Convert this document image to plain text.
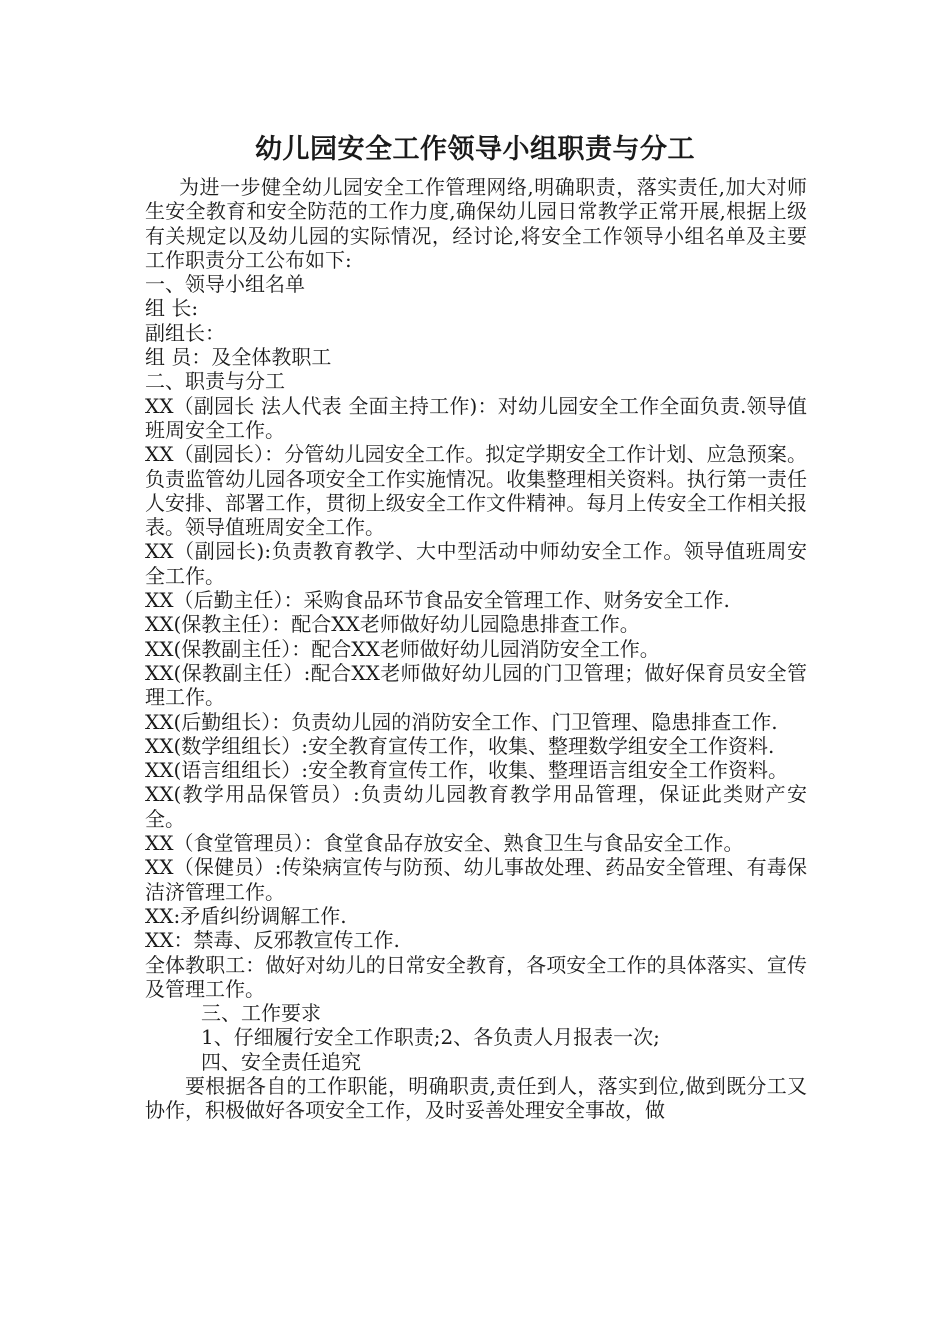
幼儿园安全工作领导小组职责与分工

为进一步健全幼儿园安全工作管理网络,明确职责，落实责任,加大对师生安全教育和安全防范的工作力度,确保幼儿园日常教学正常开展,根据上级有关规定以及幼儿园的实际情况，经讨论,将安全工作领导小组名单及主要工作职责分工公布如下:

一、领导小组名单

组 长:

副组长：

组 员：及全体教职工

二、职责与分工

XX（副园长 法人代表 全面主持工作)：对幼儿园安全工作全面负责.领导值班周安全工作。

XX（副园长）：分管幼儿园安全工作。拟定学期安全工作计划、应急预案。负责监管幼儿园各项安全工作实施情况。收集整理相关资料。执行第一责任人安排、部署工作，贯彻上级安全工作文件精神。每月上传安全工作相关报表。领导值班周安全工作。

XX（副园长):负责教育教学、大中型活动中师幼安全工作。领导值班周安全工作。

XX（后勤主任）：采购食品环节食品安全管理工作、财务安全工作.

XX(保教主任）：配合XX老师做好幼儿园隐患排查工作。

XX(保教副主任）：配合XX老师做好幼儿园消防安全工作。

XX(保教副主任）:配合XX老师做好幼儿园的门卫管理；做好保育员安全管理工作。

XX(后勤组长）：负责幼儿园的消防安全工作、门卫管理、隐患排查工作.

XX(数学组组长）:安全教育宣传工作，收集、整理数学组安全工作资料.

XX(语言组组长）:安全教育宣传工作，收集、整理语言组安全工作资料。

XX(教学用品保管员）:负责幼儿园教育教学用品管理，保证此类财产安全。

XX（食堂管理员）：食堂食品存放安全、熟食卫生与食品安全工作。

XX（保健员）:传染病宣传与防预、幼儿事故处理、药品安全管理、有毒保洁济管理工作。

XX:矛盾纠纷调解工作.

XX：禁毒、反邪教宣传工作.

全体教职工：做好对幼儿的日常安全教育，各项安全工作的具体落实、宣传及管理工作。

三、工作要求

1、仔细履行安全工作职责;2、各负责人月报表一次;

四、安全责任追究

要根据各自的工作职能，明确职责,责任到人，落实到位,做到既分工又协作，积极做好各项安全工作，及时妥善处理安全事故，做
